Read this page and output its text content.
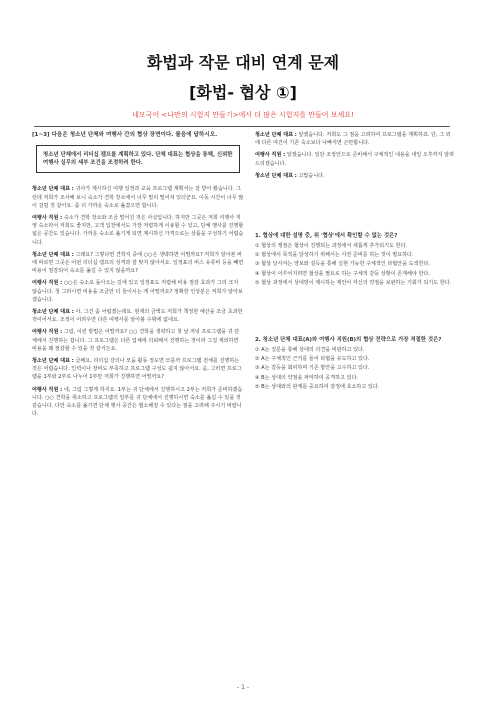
화법과 작문 대비 연계 문제
[화법- 협상 ①]
네모국어 <나만의 시험지 만들기>에서 더 많은 시험지를 만들어 보세요!
[1~3] 다음은 청소년 단체와 여행사 간의 협상 장면이다. 물음에 답하시오.
청소년 단체에서 리더십 캠프를 계획하고 있다. 단체 대표는 협상을 통해, 신뢰한 여행사 실무의 세부 조건을 조정하려 한다.
청소년 단체 대표 : 귀사가 제시하신 여행 일정과 교육 프로그램 계획서는 잘 받아 봤습니다. 그런데 저희가 조사해 보니 숙소가 견학 장소에서 너무 멀리 떨어져 있더군요. 이동 시간이 너무 많이 걸릴 것 같아요. 좀 더 가까운 숙소로 옮겼으면 합니다.
여행사 직원 : 숙소가 견학 장소와 조금 떨어진 것은 사실입니다. 하지만 그곳은 저희 여행사 직영 숙소라서 저희도 좋지만, 고객 입장에서도 가장 저렴하게 이용할 수 있고, 단체 행사를 진행할 넓은 공간도 있습니다. 가까운 숙소로 옮기게 되면 제시하신 가격으로는 상품을 구성하기 어렵습니다.
청소년 단체 대표 : 그래요? 그렇다면 견학지 중에 ○○은 생략하면 어떨까요? 저희가 알아본 바에 따르면 그곳은 어떤 리더십 캠프의 성격과 잘 맞지 않아서요. 일정표의 버스 유류비 등을 빼면 비용이 절감되어 숙소를 옮길 수 있지 않을까요?
여행사 직원 : ○○은 숙소로 돌아오는 길에 있고 일정표도 저렴해 비용 절감 효과가 그리 크지 않습니다. 청 그러시면 비용을 조금만 더 들이시는 게 어떨까요? 정확한 인상분은 저희가 알아보겠습니다.
청소년 단체 대표 : 아, 그건 좀 어렵겠는데요. 현재의 금액도 저희가 책정한 예산을 조금 초과한 것이어서요. 조정이 어려우면 다른 여행사를 알아볼 수밖에 없네요.
여행사 직원 : 그럼, 이런 방법은 어떨까요? ○○ 견학을 생략하고 첫 날 저녁 프로그램을 귀 단체에서 진행하는 겁니다. 그 프로그램은 다른 업체에 의뢰해서 진행하는 것이라 그걸 제외하면 비용을 꽤 절감할 수 있을 것 같거든요.
청소년 단체 대표 : 글쎄요, 리더십 강의나 모둠 활동 정도면 모를까 프로그램 전체를 진행하는 것은 어렵습니다. 인력이나 장비도 부족하고 프로그램 구성도 쉽지 않아서요. 음, 그러면 프로그램을 1부와 2부로 나누어 1부만 저희가 진행하면 어떨까요?
여행사 직원 : 네, 그럼 그렇게 하지요. 1부는 귀 단체에서 진행하시고 2부는 저희가 준비하겠습니다. ○○ 견학을 취소하고 프로그램의 일부를 귀 단체에서 진행하시면 숙소를 옮길 수 있을 것 같습니다. 다만 숙소를 옮기면 단체 행사 공간은 협소해질 수 있다는 점을 고려해 주시기 바랍니다.
청소년 단체 대표 : 알겠습니다. 저희도 그 점을 고려하여 프로그램을 계획하죠. 단, 그 외에 다른 여건이 기존 숙소보다 나빠지면 곤란합니다.
여행사 직원 : 알겠습니다. 일단 조정안으로 준비해서 구체적인 내용을 내일 오후까지 알려드리겠습니다.
청소년 단체 대표 : 고맙습니다.
1. 협상에 대한 설명 중, 위 '협상'에서 확인할 수 없는 것은?
① 협상의 쟁점은 협상이 진행되는 과정에서 새롭게 추가되기도 한다.
② 협상에서 목적을 달성하기 위해서는 사전 준비를 하는 것이 필요하다.
③ 협상 당사자는 양보와 설득을 통해 실현 가능한 구체적인 타협안을 도색한다.
④ 협상이 이루어지려면 협상을 필요로 하는 구체적 갈등 상황이 존재해야 한다.
⑤ 협상 과정에서 상대방이 제시하는 제안이 자신의 약점을 보완하는 기회가 되기도 한다.
2. 청소년 단체 대표(A)와 여행사 직원(B)의 협상 전략으로 가장 적절한 것은?
① A는 질문을 통해 상대의 의견을 비판하고 있다.
② A는 구체적인 근거를 들어 타협을 유도하고 있다.
③ A는 갈등을 회피하며 기존 방안을 고수하고 있다.
④ B는 상대의 약점을 파악하여 공격하고 있다.
⑤ B는 상대와의 관계를 중요하여 감정에 호소하고 있다.
- 1 -
